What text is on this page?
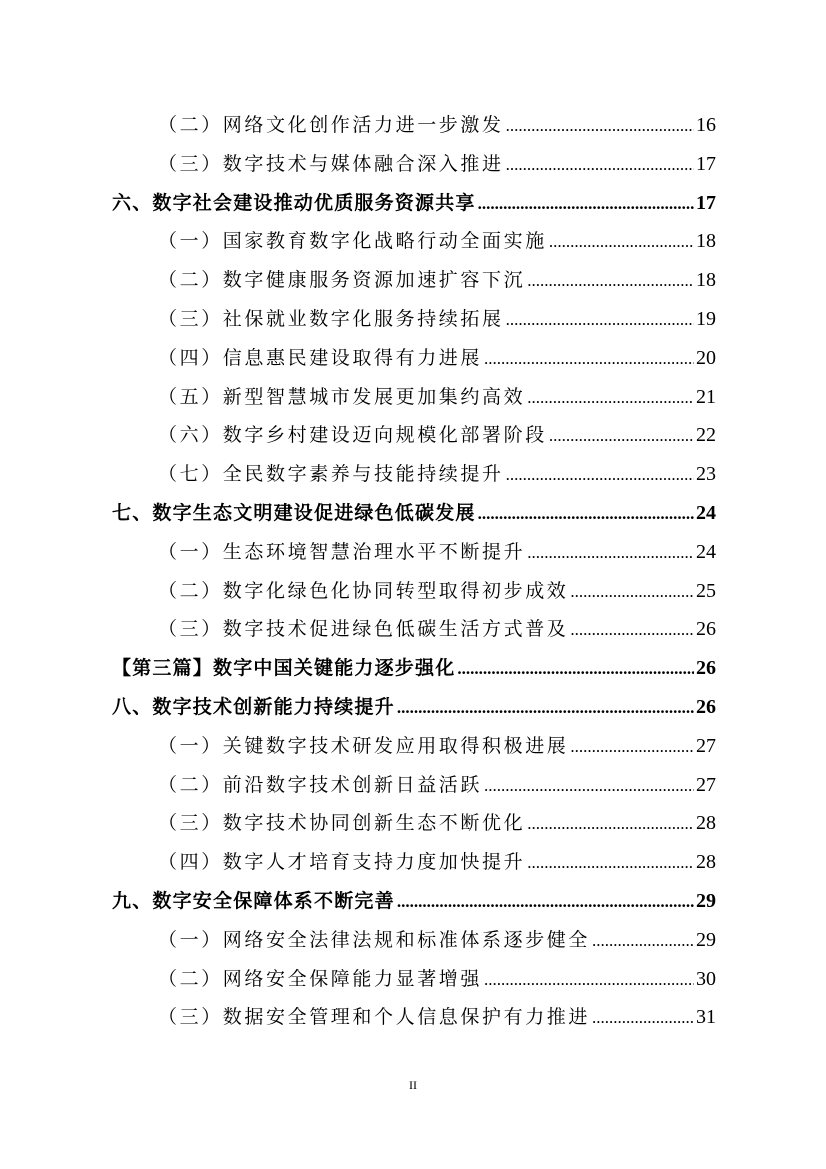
（二）网络文化创作活力进一步激发 .....	16
（三）数字技术与媒体融合深入推进 .....	17
六、数字社会建设推动优质服务资源共享 .....	17
（一）国家教育数字化战略行动全面实施 .....	18
（二）数字健康服务资源加速扩容下沉 .....	18
（三）社保就业数字化服务持续拓展 .....	19
（四）信息惠民建设取得有力进展 .....	20
（五）新型智慧城市发展更加集约高效 .....	21
（六）数字乡村建设迈向规模化部署阶段 .....	22
（七）全民数字素养与技能持续提升 .....	23
七、数字生态文明建设促进绿色低碳发展 .....	24
（一）生态环境智慧治理水平不断提升 .....	24
（二）数字化绿色化协同转型取得初步成效 .....	25
（三）数字技术促进绿色低碳生活方式普及 .....	26
【第三篇】数字中国关键能力逐步强化 .....	26
八、数字技术创新能力持续提升 .....	26
（一）关键数字技术研发应用取得积极进展 .....	27
（二）前沿数字技术创新日益活跃 .....	27
（三）数字技术协同创新生态不断优化 .....	28
（四）数字人才培育支持力度加快提升 .....	28
九、数字安全保障体系不断完善 .....	29
（一）网络安全法律法规和标准体系逐步健全 .....	29
（二）网络安全保障能力显著增强 .....	30
（三）数据安全管理和个人信息保护有力推进 .....	31
II
